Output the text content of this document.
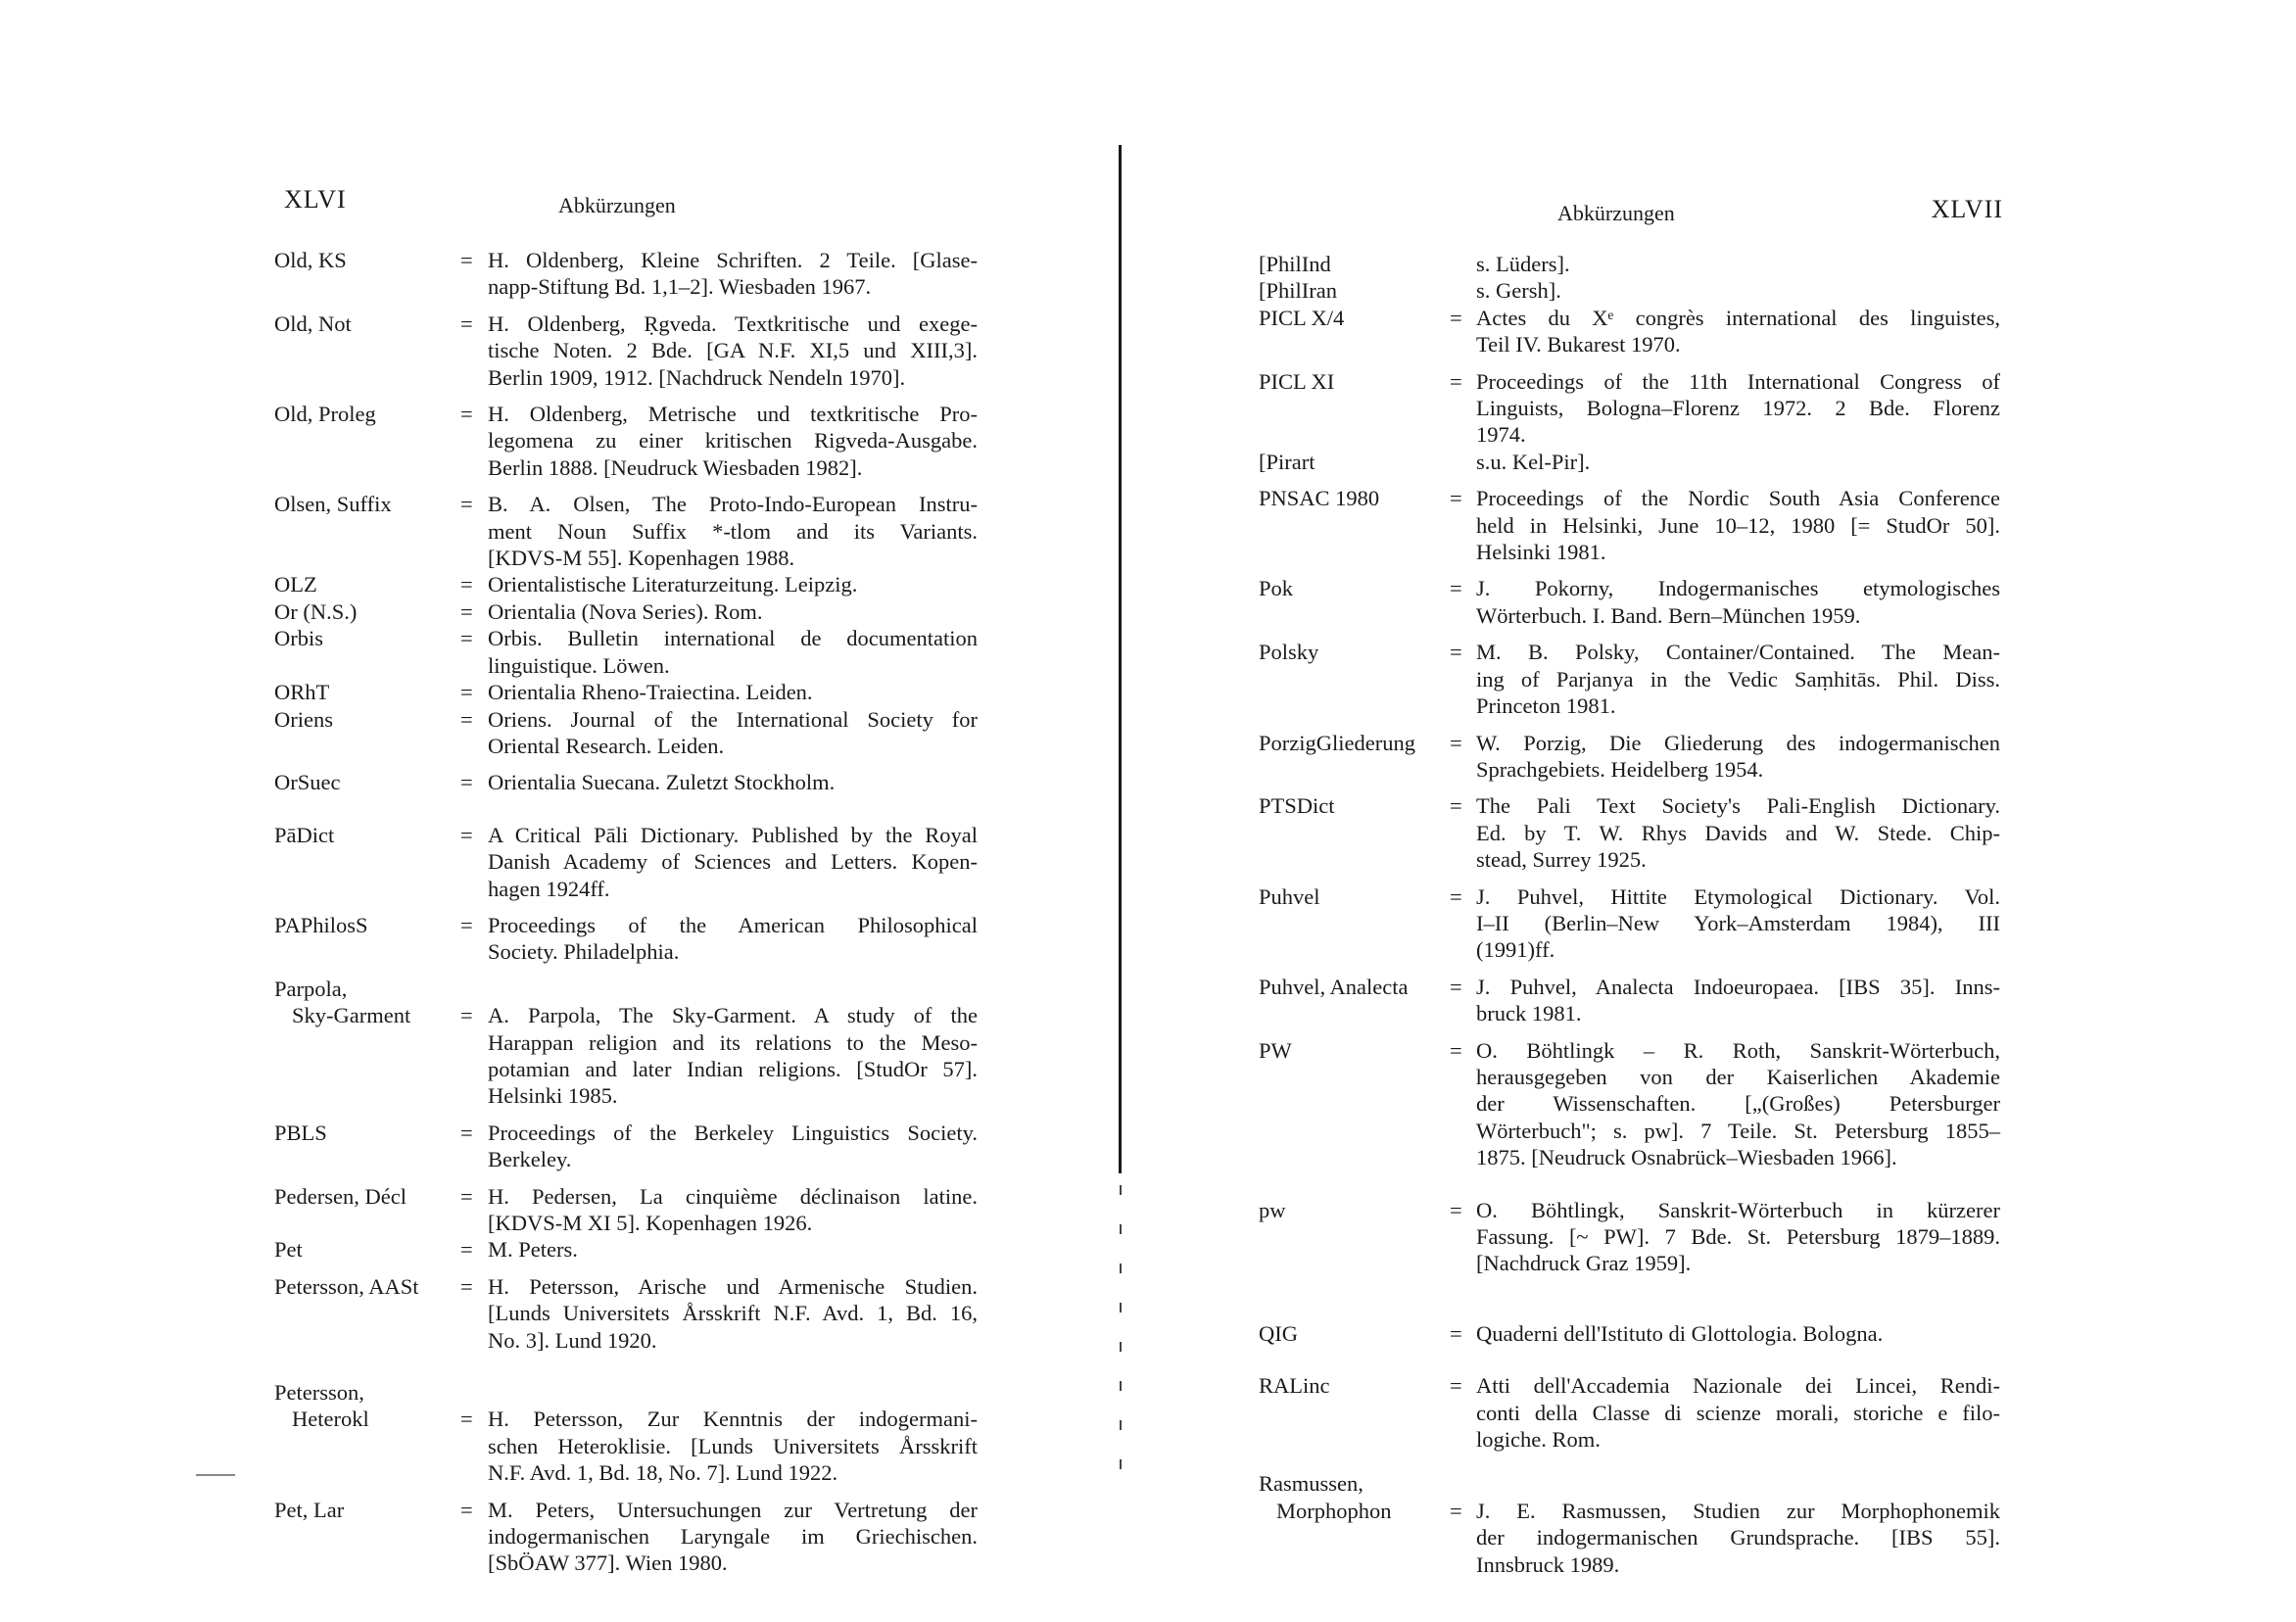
XLVI	Abkürzungen
Old, KS	= H. Oldenberg, Kleine Schriften. 2 Teile. [Glase-
napp-Stiftung Bd. 1,1–2]. Wiesbaden 1967.
Old, Not	= H. Oldenberg, Ṛgveda. Textkritische und exege-
tische Noten. 2 Bde. [GA N.F. XI,5 und XIII,3].
Berlin 1909, 1912. [Nachdruck Nendeln 1970].
Old, Proleg	= H. Oldenberg, Metrische und textkritische Pro-
legomena zu einer kritischen Rigveda-Ausgabe.
Berlin 1888. [Neudruck Wiesbaden 1982].
Olsen, Suffix	= B. A. Olsen, The Proto-Indo-European Instru-
ment Noun Suffix *-tlom and its Variants.
[KDVS-M 55]. Kopenhagen 1988.
OLZ	= Orientalistische Literaturzeitung. Leipzig.
Or (N.S.)	= Orientalia (Nova Series). Rom.
Orbis	= Orbis. Bulletin international de documentation
linguistique. Löwen.
ORhT	= Orientalia Rheno-Traiectina. Leiden.
Oriens	= Oriens. Journal of the International Society for
Oriental Research. Leiden.
OrSuec	= Orientalia Suecana. Zuletzt Stockholm.
PāDict	= A Critical Pāli Dictionary. Published by the Royal
Danish Academy of Sciences and Letters. Kopen-
hagen 1924ff.
PAPhilosS	= Proceedings of the American Philosophical
Society. Philadelphia.
Parpola,
Sky-Garment = A. Parpola, The Sky-Garment. A study of the
Harappan religion and its relations to the Meso-
potamian and later Indian religions. [StudOr 57].
Helsinki 1985.
PBLS	= Proceedings of the Berkeley Linguistics Society.
Berkeley.
Pedersen, Décl = H. Pedersen, La cinquième déclinaison latine.
[KDVS-M XI 5]. Kopenhagen 1926.
Pet	= M. Peters.
Petersson, AASt = H. Petersson, Arische und Armenische Studien.
[Lunds Universitets Årsskrift N.F. Avd. 1, Bd. 16,
No. 3]. Lund 1920.
Petersson,
Heterokl	= H. Petersson, Zur Kenntnis der indogermani-
schen Heteroklisie. [Lunds Universitets Årsskrift
N.F. Avd. 1, Bd. 18, No. 7]. Lund 1922.
Pet, Lar	= M. Peters, Untersuchungen zur Vertretung der
indogermanischen Laryngale im Griechischen.
[SbÖAW 377]. Wien 1980.
Abkürzungen	XLVII
[PhilInd	s. Lüders].
[PhilIran	s. Gersh].
PICL X/4	= Actes du Xᵉ congrès international des linguistes,
Teil IV. Bukarest 1970.
PICL XI	= Proceedings of the 11th International Congress of
Linguists, Bologna–Florenz 1972. 2 Bde. Florenz
1974.
[Pirart	s.u. Kel-Pir].
PNSAC 1980	= Proceedings of the Nordic South Asia Conference
held in Helsinki, June 10–12, 1980 [= StudOr 50].
Helsinki 1981.
Pok	= J. Pokorny, Indogermanisches etymologisches
Wörterbuch. I. Band. Bern–München 1959.
Polsky	= M. B. Polsky, Container/Contained. The Mean-
ing of Parjanya in the Vedic Saṃhitās. Phil. Diss.
Princeton 1981.
PorzigGliederung = W. Porzig, Die Gliederung des indogermanischen
Sprachgebiets. Heidelberg 1954.
PTSDict	= The Pali Text Society's Pali-English Dictionary.
Ed. by T. W. Rhys Davids and W. Stede. Chip-
stead, Surrey 1925.
Puhvel	= J. Puhvel, Hittite Etymological Dictionary. Vol.
I–II (Berlin–New York–Amsterdam 1984), III
(1991)ff.
Puhvel, Analecta = J. Puhvel, Analecta Indoeuropaea. [IBS 35]. Inns-
bruck 1981.
PW	= O. Böhtlingk – R. Roth, Sanskrit-Wörterbuch,
herausgegeben von der Kaiserlichen Akademie
der Wissenschaften. [„(Großes) Petersburger
Wörterbuch"; s. pw]. 7 Teile. St. Petersburg 1855–
1875. [Neudruck Osnabrück–Wiesbaden 1966].
pw	= O. Böhtlingk, Sanskrit-Wörterbuch in kürzerer
Fassung. [~ PW]. 7 Bde. St. Petersburg 1879–1889.
[Nachdruck Graz 1959].
QIG	= Quaderni dell'Istituto di Glottologia. Bologna.
RALinc	= Atti dell'Accademia Nazionale dei Lincei, Rendi-
conti della Classe di scienze morali, storiche e filo-
logiche. Rom.
Rasmussen,
Morphophon	= J. E. Rasmussen, Studien zur Morphophonemik
der indogermanischen Grundsprache. [IBS 55].
Innsbruck 1989.
